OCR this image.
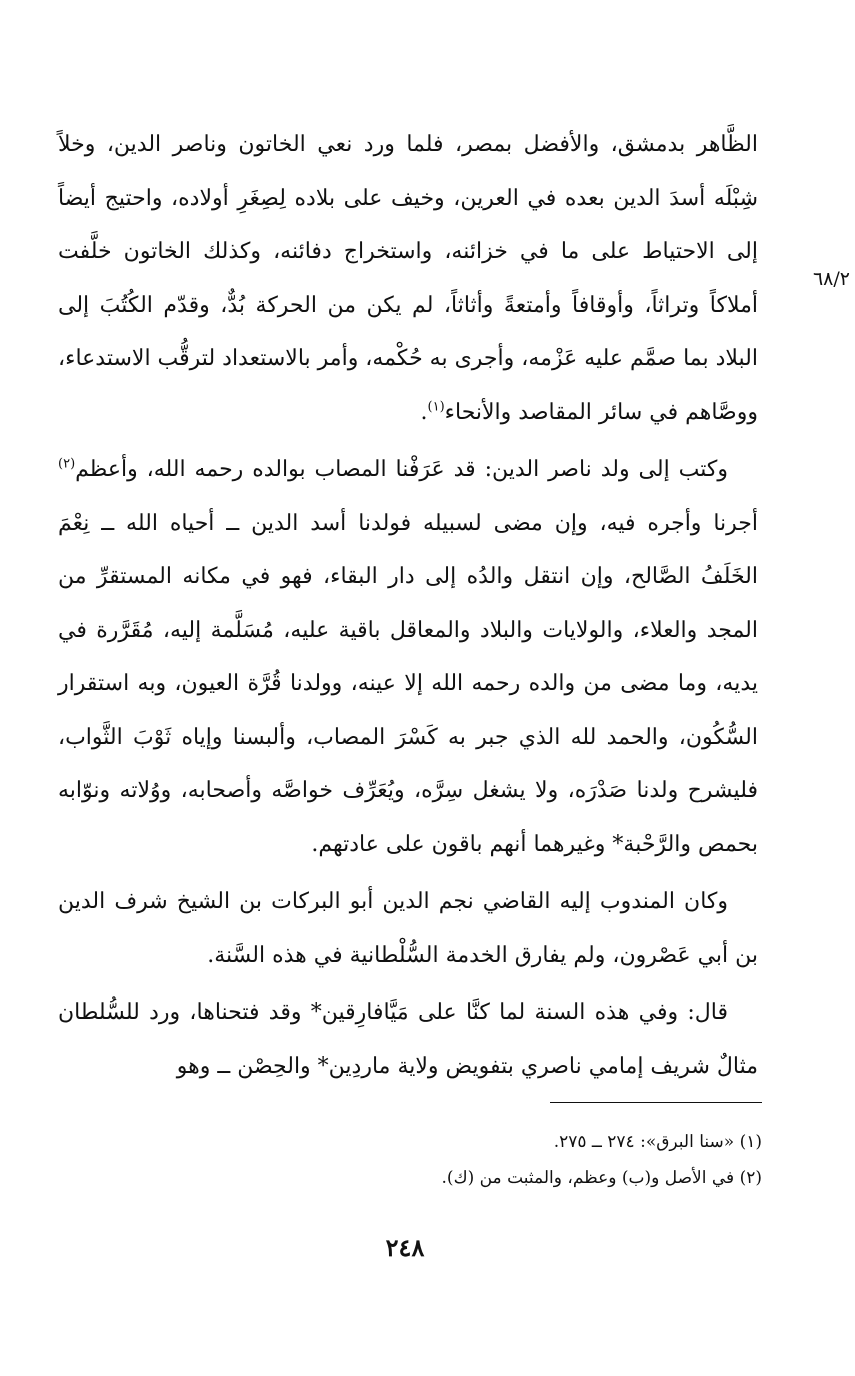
٦٨/٢

الظَّاهر بدمشق، والأفضل بمصر، فلما ورد نعي الخاتون وناصر الدين، وخلاً شِبْلَه أسدَ الدين بعده في العرين، وخيف على بلاده لِصِغَرِ أولاده، واحتيج أيضاً إلى الاحتياط على ما في خزائنه، واستخراج دفائنه، وكذلك الخاتون خلَّفت أملاكاً وتراثاً، وأوقافاً وأمتعةً وأثاثاً، لم يكن من الحركة بُدٌّ، وقدّم الكُتُبَ إلى البلاد بما صمَّم عليه عَزْمه، وأجرى به حُكْمه، وأمر بالاستعداد لترقُّب الاستدعاء، ووصَّاهم في سائر المقاصد والأنحاء$^{(١)}$.

وكتب إلى ولد ناصر الدين: قد عَرَفْنا المصاب بوالده رحمه الله، وأعظم$^{(٢)}$ أجرنا وأجره فيه، وإن مضى لسبيله فولدنا أسد الدين ــ أحياه الله ــ نِعْمَ الخَلَفُ الصَّالح، وإن انتقل والدُه إلى دار البقاء، فهو في مكانه المستقرِّ من المجد والعلاء، والولايات والبلاد والمعاقل باقية عليه، مُسَلَّمة إليه، مُقَرَّرة في يديه، وما مضى من والده رحمه الله إلا عينه، وولدنا قُرَّة العيون، وبه استقرار السُّكُون، والحمد لله الذي جبر به كَسْرَ المصاب، وألبسنا وإياه ثَوْبَ الثَّواب، فليشرح ولدنا صَدْرَه، ولا يشغل سِرَّه، ويُعَرِّف خواصَّه وأصحابه، ووُلاته ونوّابه بحمص والرَّحْبة* وغيرهما أنهم باقون على عادتهم.

وكان المندوب إليه القاضي نجم الدين أبو البركات بن الشيخ شرف الدين بن أبي عَصْرون، ولم يفارق الخدمة السُّلْطانية في هذه السَّنة.

قال: وفي هذه السنة لما كنَّا على مَيَّافارِقين* وقد فتحناها، ورد للسُّلطان مثالٌ شريف إمامي ناصري بتفويض ولاية ماردِين* والحِصْن ــ وهو

(١) «سنا البرق»: ٢٧٤ ــ ٢٧٥.

(٢) في الأصل و(ب) وعظم، والمثبت من (ك).

٢٤٨
